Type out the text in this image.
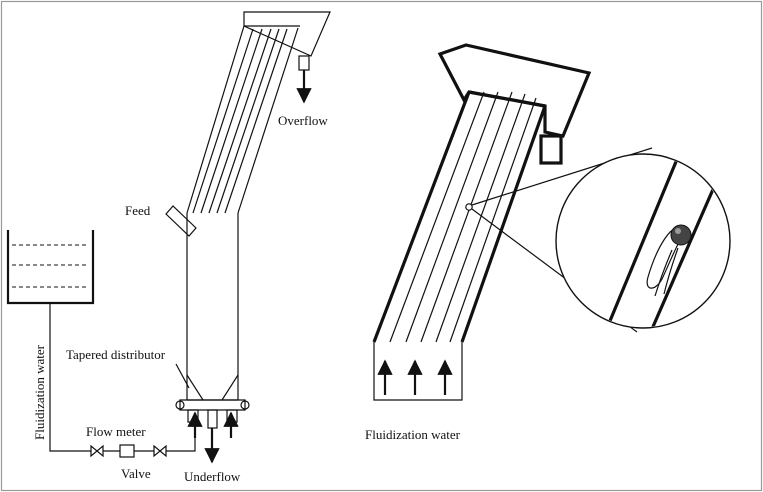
Overflow
Feed
Tapered distributor
Fluidization water	Flow meter
Valve	Underflow
Fluidization water
